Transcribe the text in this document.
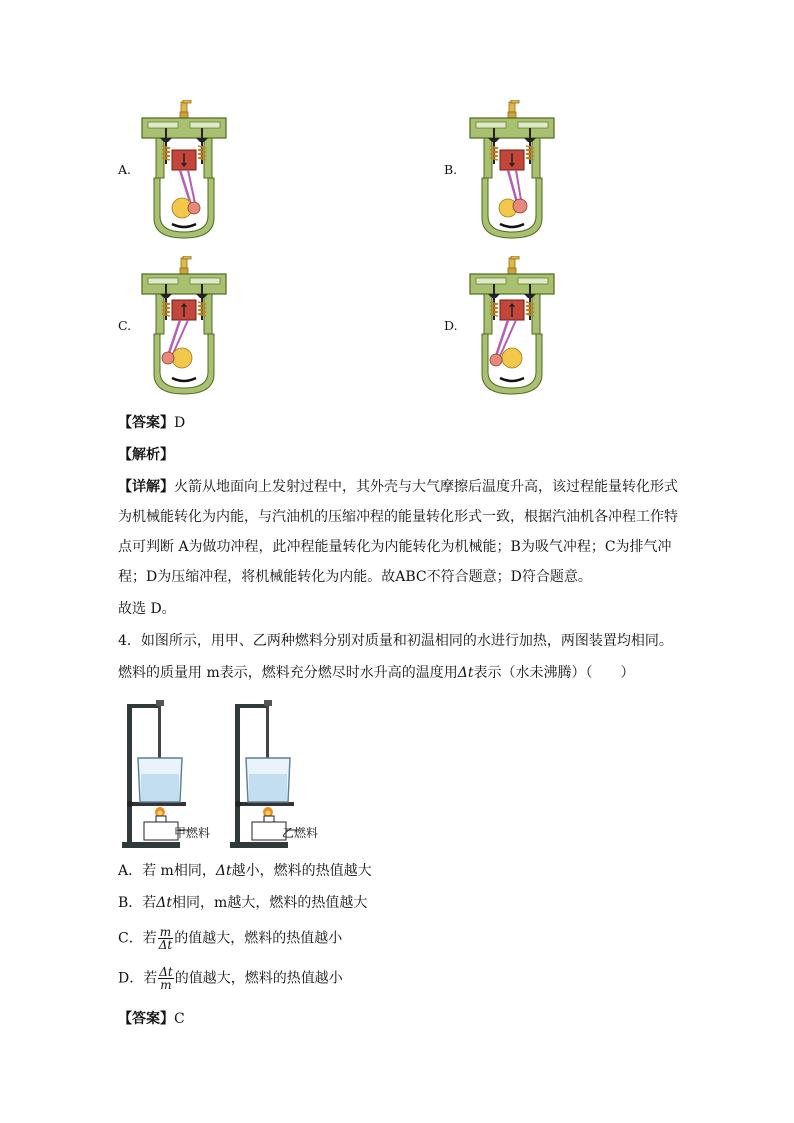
A.	B.
C.	D.
【答案】D
【解析】
【详解】火箭从地面向上发射过程中，其外壳与大气摩擦后温度升高，该过程能量转化形式
为机械能转化为内能，与汽油机的压缩冲程的能量转化形式一致，根据汽油机各冲程工作特
点可判断 A为做功冲程，此冲程能量转化为内能转化为机械能；B为吸气冲程；C为排气冲
程；D为压缩冲程，将机械能转化为内能。故ABC不符合题意；D符合题意。
故选 D。
4．如图所示，用甲、乙两种燃料分别对质量和初温相同的水进行加热，两图装置均相同。
燃料的质量用 m表示，燃料充分燃尽时水升高的温度用Δt表示（水未沸腾）（　　）
甲燃料	乙燃料
A．若 m相同，Δt越小，燃料的热值越大
B．若Δt相同，m越大，燃料的热值越大
C．若 $\frac{m}{\Delta t}$ 的值越大，燃料的热值越小
D．若 $\frac{\Delta t}{m}$ 的值越大，燃料的热值越小
【答案】C
